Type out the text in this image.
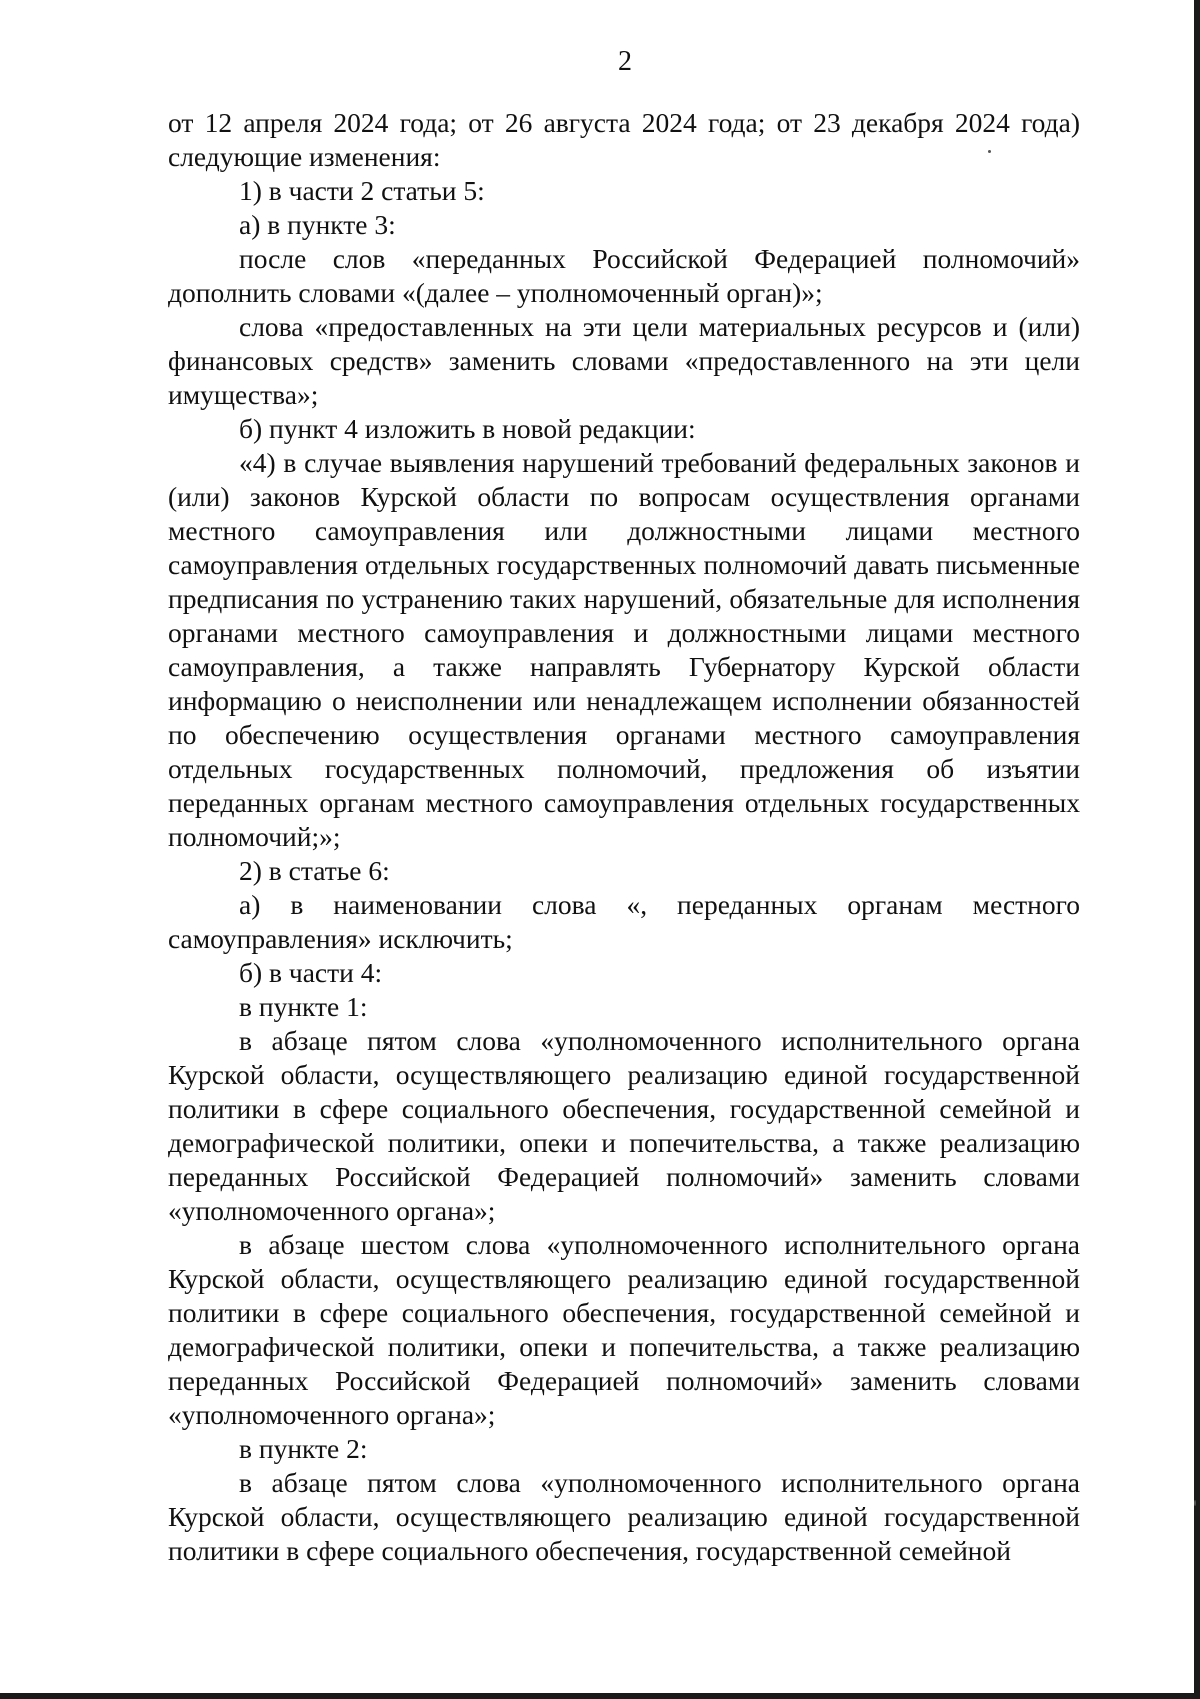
2

от 12 апреля 2024 года; от 26 августа 2024 года; от 23 декабря 2024 года) следующие изменения:

1) в части 2 статьи 5:

а) в пункте 3:

после слов «переданных Российской Федерацией полномочий» дополнить словами «(далее – уполномоченный орган)»;

слова «предоставленных на эти цели материальных ресурсов и (или) финансовых средств» заменить словами «предоставленного на эти цели имущества»;

б) пункт 4 изложить в новой редакции:

«4) в случае выявления нарушений требований федеральных законов и (или) законов Курской области по вопросам осуществления органами местного самоуправления или должностными лицами местного самоуправления отдельных государственных полномочий давать письменные предписания по устранению таких нарушений, обязательные для исполнения органами местного самоуправления и должностными лицами местного самоуправления, а также направлять Губернатору Курской области информацию о неисполнении или ненадлежащем исполнении обязанностей по обеспечению осуществления органами местного самоуправления отдельных государственных полномочий, предложения об изъятии переданных органам местного самоуправления отдельных государственных полномочий;»;

2) в статье 6:

а) в наименовании слова «, переданных органам местного самоуправления» исключить;

б) в части 4:

в пункте 1:

в абзаце пятом слова «уполномоченного исполнительного органа Курской области, осуществляющего реализацию единой государственной политики в сфере социального обеспечения, государственной семейной и демографической политики, опеки и попечительства, а также реализацию переданных Российской Федерацией полномочий» заменить словами «уполномоченного органа»;

в абзаце шестом слова «уполномоченного исполнительного органа Курской области, осуществляющего реализацию единой государственной политики в сфере социального обеспечения, государственной семейной и демографической политики, опеки и попечительства, а также реализацию переданных Российской Федерацией полномочий» заменить словами «уполномоченного органа»;

в пункте 2:

в абзаце пятом слова «уполномоченного исполнительного органа Курской области, осуществляющего реализацию единой государственной политики в сфере социального обеспечения, государственной семейной
